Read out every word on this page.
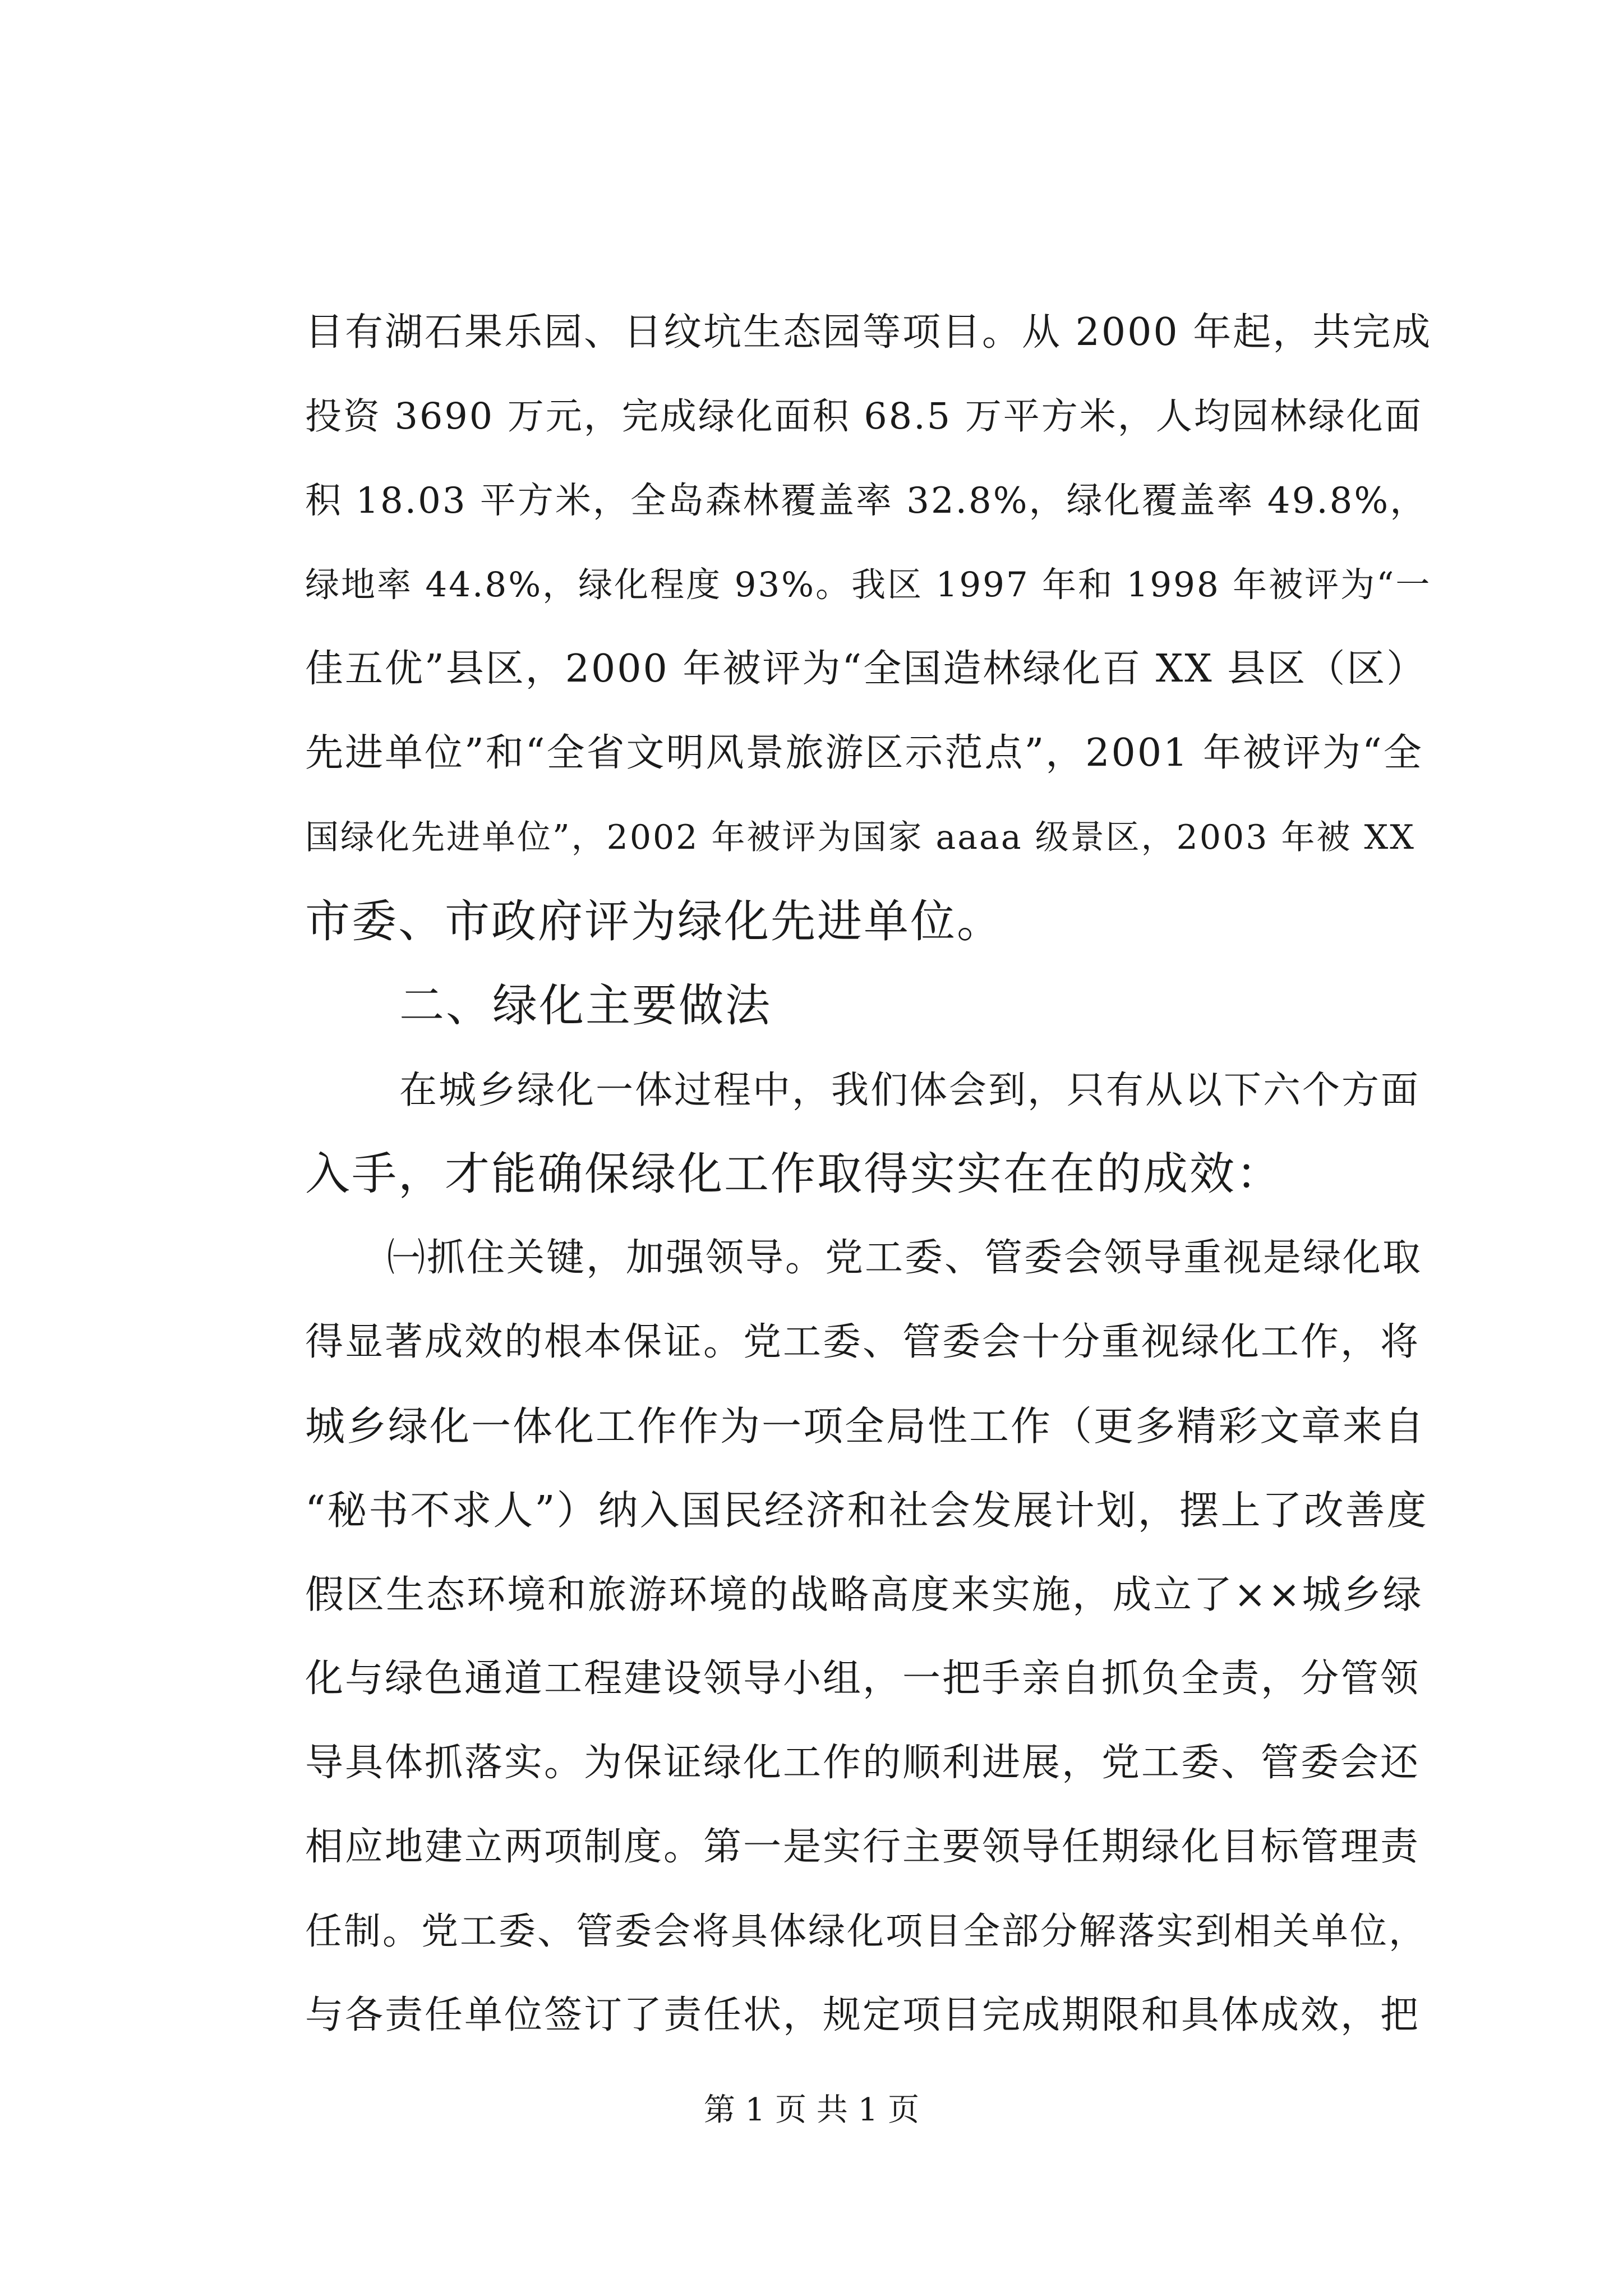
目有湖石果乐园、日纹坑生态园等项目。从 2000 年起，共完成
投资 3690 万元，完成绿化面积 68.5 万平方米，人均园林绿化面
积 18.03 平方米，全岛森林覆盖率 32.8%，绿化覆盖率 49.8%，
绿地率 44.8%，绿化程度 93%。我区 1997 年和 1998 年被评为“一
佳五优”县区，2000 年被评为“全国造林绿化百 XX 县区（区）
先进单位”和“全省文明风景旅游区示范点”，2001 年被评为“全
国绿化先进单位”，2002 年被评为国家 aaaa 级景区，2003 年被 XX
市委、市政府评为绿化先进单位。
二、绿化主要做法
在城乡绿化一体过程中，我们体会到，只有从以下六个方面
入手，才能确保绿化工作取得实实在在的成效：
㈠抓住关键，加强领导。党工委、管委会领导重视是绿化取
得显著成效的根本保证。党工委、管委会十分重视绿化工作，将
城乡绿化一体化工作作为一项全局性工作（更多精彩文章来自
“秘书不求人”）纳入国民经济和社会发展计划，摆上了改善度
假区生态环境和旅游环境的战略高度来实施，成立了××城乡绿
化与绿色通道工程建设领导小组，一把手亲自抓负全责，分管领
导具体抓落实。为保证绿化工作的顺利进展，党工委、管委会还
相应地建立两项制度。第一是实行主要领导任期绿化目标管理责
任制。党工委、管委会将具体绿化项目全部分解落实到相关单位，
与各责任单位签订了责任状，规定项目完成期限和具体成效，把
第 1 页 共 1 页
